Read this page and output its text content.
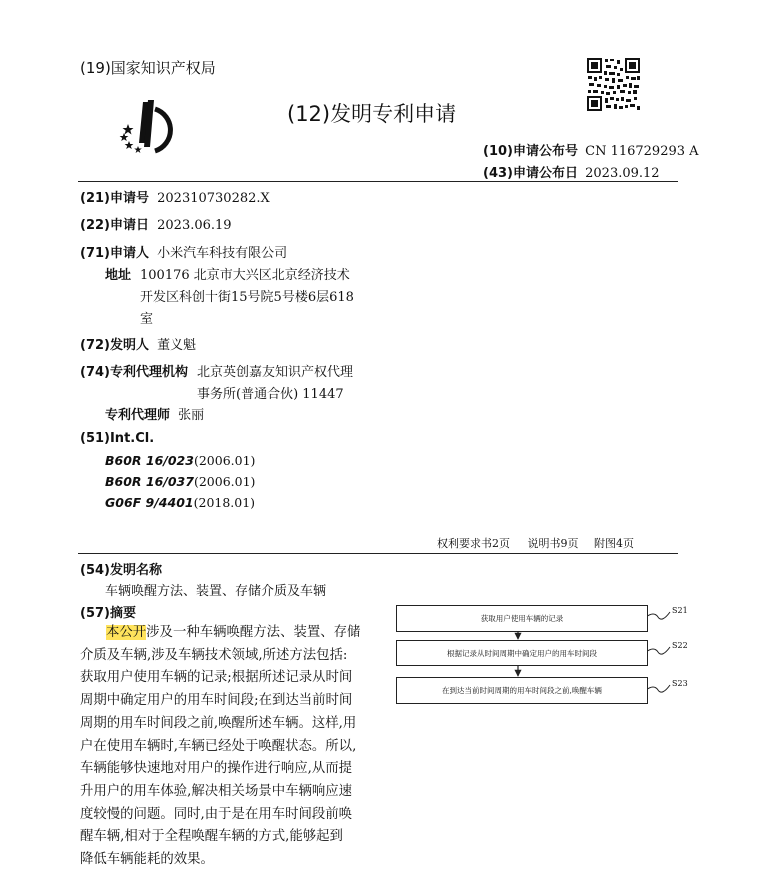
(19)国家知识产权局
(12)发明专利申请
(10)申请公布号 CN 116729293 A
(43)申请公布日 2023.09.12
(21)申请号 202310730282.X
(22)申请日 2023.06.19
(71)申请人 小米汽车科技有限公司
地址 100176 北京市大兴区北京经济技术
开发区科创十街15号院5号楼6层618
室
(72)发明人 董义魁
(74)专利代理机构 北京英创嘉友知识产权代理
事务所(普通合伙) 11447
专利代理师 张丽
(51)Int.Cl.
B60R 16/023(2006.01)
B60R 16/037(2006.01)
G06F 9/4401(2018.01)
权利要求书2页 说明书9页 附图4页
(54)发明名称
车辆唤醒方法、装置、存储介质及车辆
(57)摘要

本公开涉及一种车辆唤醒方法、装置、存储

介质及车辆,涉及车辆技术领域,所述方法包括:

获取用户使用车辆的记录;根据所述记录从时间

周期中确定用户的用车时间段;在到达当前时间

周期的用车时间段之前,唤醒所述车辆。这样,用

户在使用车辆时,车辆已经处于唤醒状态。所以,

车辆能够快速地对用户的操作进行响应,从而提

升用户的用车体验,解决相关场景中车辆响应速

度较慢的问题。同时,由于是在用车时间段前唤

醒车辆,相对于全程唤醒车辆的方式,能够起到

降低车辆能耗的效果。

获取用户使用车辆的记录
根据记录从时间周期中确定用户的用车时间段
在到达当前时间周期的用车时间段之前,唤醒车辆
S21
S22
S23
